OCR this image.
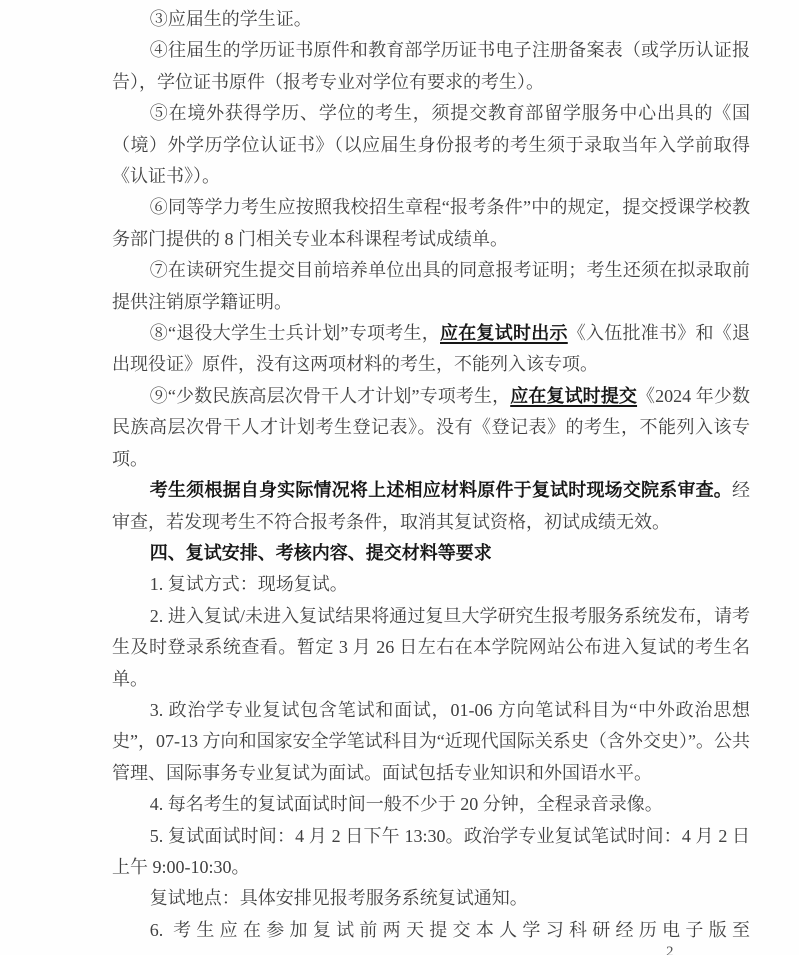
③应届生的学生证。

④往届生的学历证书原件和教育部学历证书电子注册备案表（或学历认证报告），学位证书原件（报考专业对学位有要求的考生）。

⑤在境外获得学历、学位的考生，须提交教育部留学服务中心出具的《国（境）外学历学位认证书》（以应届生身份报考的考生须于录取当年入学前取得《认证书》）。

⑥同等学力考生应按照我校招生章程“报考条件”中的规定，提交授课学校教务部门提供的 8 门相关专业本科课程考试成绩单。

⑦在读研究生提交目前培养单位出具的同意报考证明；考生还须在拟录取前提供注销原学籍证明。

⑧“退役大学生士兵计划”专项考生，应在复试时出示《入伍批准书》和《退出现役证》原件，没有这两项材料的考生，不能列入该专项。

⑨“少数民族高层次骨干人才计划”专项考生，应在复试时提交《2024 年少数民族高层次骨干人才计划考生登记表》。没有《登记表》的考生，不能列入该专项。

考生须根据自身实际情况将上述相应材料原件于复试时现场交院系审查。经审查，若发现考生不符合报考条件，取消其复试资格，初试成绩无效。

四、复试安排、考核内容、提交材料等要求

1. 复试方式：现场复试。

2. 进入复试/未进入复试结果将通过复旦大学研究生报考服务系统发布，请考生及时登录系统查看。暂定 3 月 26 日左右在本学院网站公布进入复试的考生名单。

3. 政治学专业复试包含笔试和面试，01-06 方向笔试科目为“中外政治思想史”，07-13 方向和国家安全学笔试科目为“近现代国际关系史（含外交史）”。公共管理、国际事务专业复试为面试。面试包括专业知识和外国语水平。

4. 每名考生的复试面试时间一般不少于 20 分钟，全程录音录像。

5. 复试面试时间：4 月 2 日下午 13:30。政治学专业复试笔试时间：4 月 2 日上午 9:00-10:30。

复试地点：具体安排见报考服务系统复试通知。

6. 考生应在参加复试前两天提交本人学习科研经历电子版至

2
